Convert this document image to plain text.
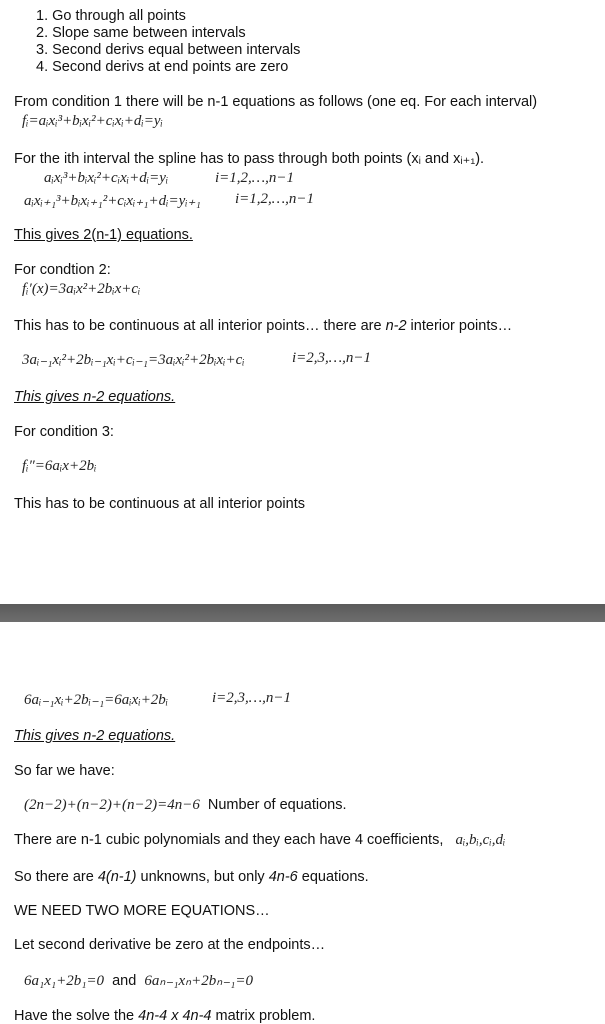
1. Go through all points
2. Slope same between intervals
3. Second derivs equal between intervals
4. Second derivs at end points are zero
From condition 1 there will be n-1 equations as follows (one eq. For each interval)
fᵢ=aᵢxᵢ³+bᵢxᵢ²+cᵢxᵢ+dᵢ=yᵢ
For the ith interval the spline has to pass through both points (xᵢ and xᵢ₊₁).
aᵢxᵢ³+bᵢxᵢ²+cᵢxᵢ+dᵢ=yᵢ	i=1,2,…,n−1
aᵢxᵢ₊₁³+bᵢxᵢ₊₁²+cᵢxᵢ₊₁+dᵢ=yᵢ₊₁ i=1,2,…,n−1
This gives 2(n-1) equations.
For condtion 2:
fᵢ′(x)=3aᵢx²+2bᵢx+cᵢ
This has to be continuous at all interior points… there are n-2 interior points…
3aᵢ₋₁xᵢ²+2bᵢ₋₁xᵢ+cᵢ₋₁=3aᵢxᵢ²+2bᵢxᵢ+cᵢ	i=2,3,…,n−1
This gives n-2 equations.
For condition 3:
fᵢ″=6aᵢx+2bᵢ
This has to be continuous at all interior points
6aᵢ₋₁xᵢ+2bᵢ₋₁=6aᵢxᵢ+2bᵢ	i=2,3,…,n−1
This gives n-2 equations.
So far we have:
(2n−2)+(n−2)+(n−2)=4n−6 Number of equations.
There are n-1 cubic polynomials and they each have 4 coefficients, aᵢ,bᵢ,cᵢ,dᵢ
So there are 4(n-1) unknowns, but only 4n-6 equations.
WE NEED TWO MORE EQUATIONS…
Let second derivative be zero at the endpoints…
6a₁x₁+2b₁=0 and 6aₙ₋₁xₙ+2bₙ₋₁=0
Have the solve the 4n-4 x 4n-4 matrix problem.
